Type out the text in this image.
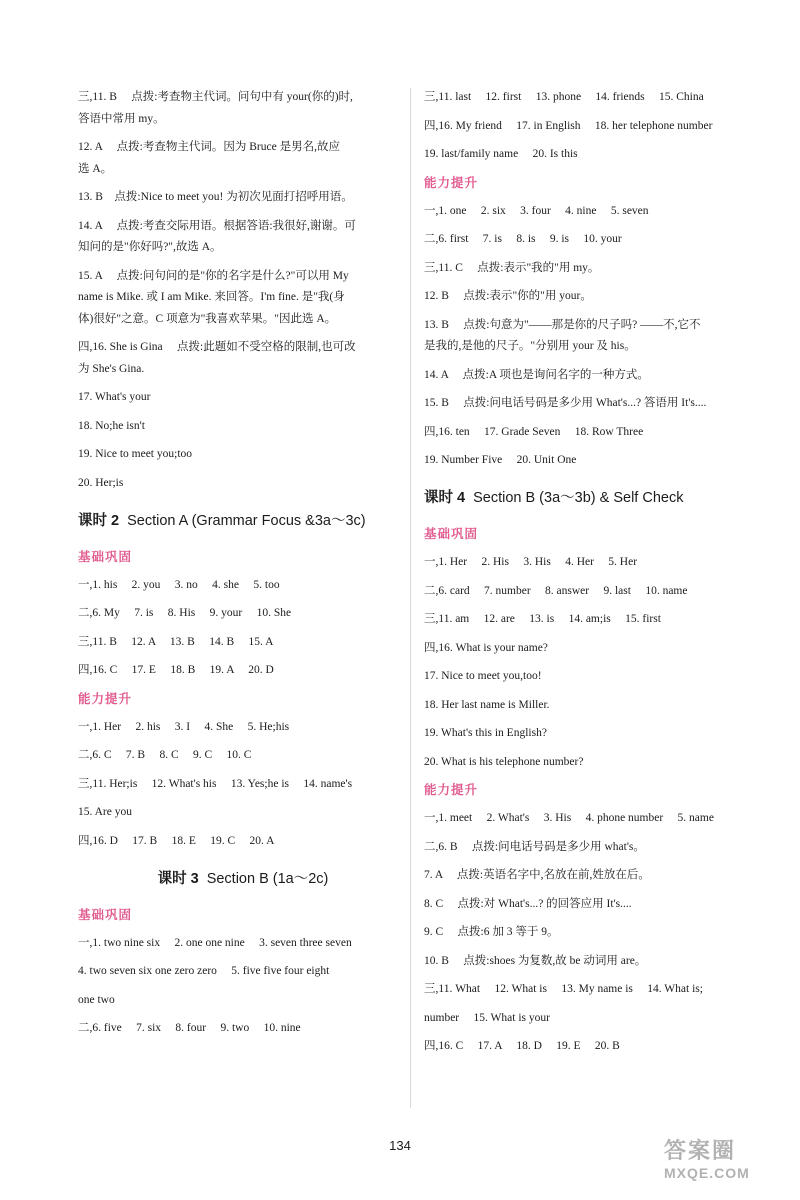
三,11. B　 点拨:考查物主代词。问句中有 your(你的)时,
答语中常用 my。
12. A　 点拨:考查物主代词。因为 Bruce 是男名,故应
选 A。
13. B　点拨:Nice to meet you! 为初次见面打招呼用语。
14. A　 点拨:考查交际用语。根据答语:我很好,谢谢。可
知问的是"你好吗?",故选 A。
15. A　 点拨:问句问的是"你的名字是什么?"可以用 My
name is Mike. 或 I am Mike. 来回答。I'm fine. 是"我(身
体)很好"之意。C 项意为"我喜欢苹果。"因此选 A。
四,16. She is Gina　 点拨:此题如不受空格的限制,也可改
为 She's Gina.
17. What's your
18. No;he isn't
19. Nice to meet you;too
20. Her;is
课时 2 Section A (Grammar Focus &3a～3c)
基础巩固
一,1. his　 2. you　 3. no　 4. she　 5. too
二,6. My　 7. is　 8. His　 9. your　 10. She
三,11. B　 12. A　 13. B　 14. B　 15. A
四,16. C　 17. E　 18. B　 19. A　 20. D
能力提升
一,1. Her　 2. his　 3. I　 4. She　 5. He;his
二,6. C　 7. B　 8. C　 9. C　 10. C
三,11. Her;is　 12. What's his　 13. Yes;he is　 14. name's
15. Are you
四,16. D　 17. B　 18. E　 19. C　 20. A
课时 3 Section B (1a～2c)
基础巩固
一,1. two nine six　 2. one one nine　 3. seven three seven
4. two seven six one zero zero　 5. five five four eight
one two
二,6. five　 7. six　 8. four　 9. two　 10. nine
三,11. last　 12. first　 13. phone　 14. friends　 15. China
四,16. My friend　 17. in English　 18. her telephone number
19. last/family name　 20. Is this
能力提升
一,1. one　 2. six　 3. four　 4. nine　 5. seven
二,6. first　 7. is　 8. is　 9. is　 10. your
三,11. C　 点拨:表示"我的"用 my。
12. B　 点拨:表示"你的"用 your。
13. B　 点拨:句意为"——那是你的尺子吗? ——不,它不
是我的,是他的尺子。"分别用 your 及 his。
14. A　 点拨:A 项也是询问名字的一种方式。
15. B　 点拨:问电话号码是多少用 What's...? 答语用 It's....
四,16. ten　 17. Grade Seven　 18. Row Three
19. Number Five　 20. Unit One
课时 4 Section B (3a～3b) & Self Check
基础巩固
一,1. Her　 2. His　 3. His　 4. Her　 5. Her
二,6. card　 7. number　 8. answer　 9. last　 10. name
三,11. am　 12. are　 13. is　 14. am;is　 15. first
四,16. What is your name?
17. Nice to meet you,too!
18. Her last name is Miller.
19. What's this in English?
20. What is his telephone number?
能力提升
一,1. meet　 2. What's　 3. His　 4. phone number　 5. name
二,6. B　 点拨:问电话号码是多少用 what's。
7. A　 点拨:英语名字中,名放在前,姓放在后。
8. C　 点拨:对 What's...? 的回答应用 It's....
9. C　 点拨:6 加 3 等于 9。
10. B　 点拨:shoes 为复数,故 be 动词用 are。
三,11. What　 12. What is　 13. My name is　 14. What is;
number　 15. What is your
四,16. C　 17. A　 18. D　 19. E　 20. B
134	答案圈
MXQE.COM
